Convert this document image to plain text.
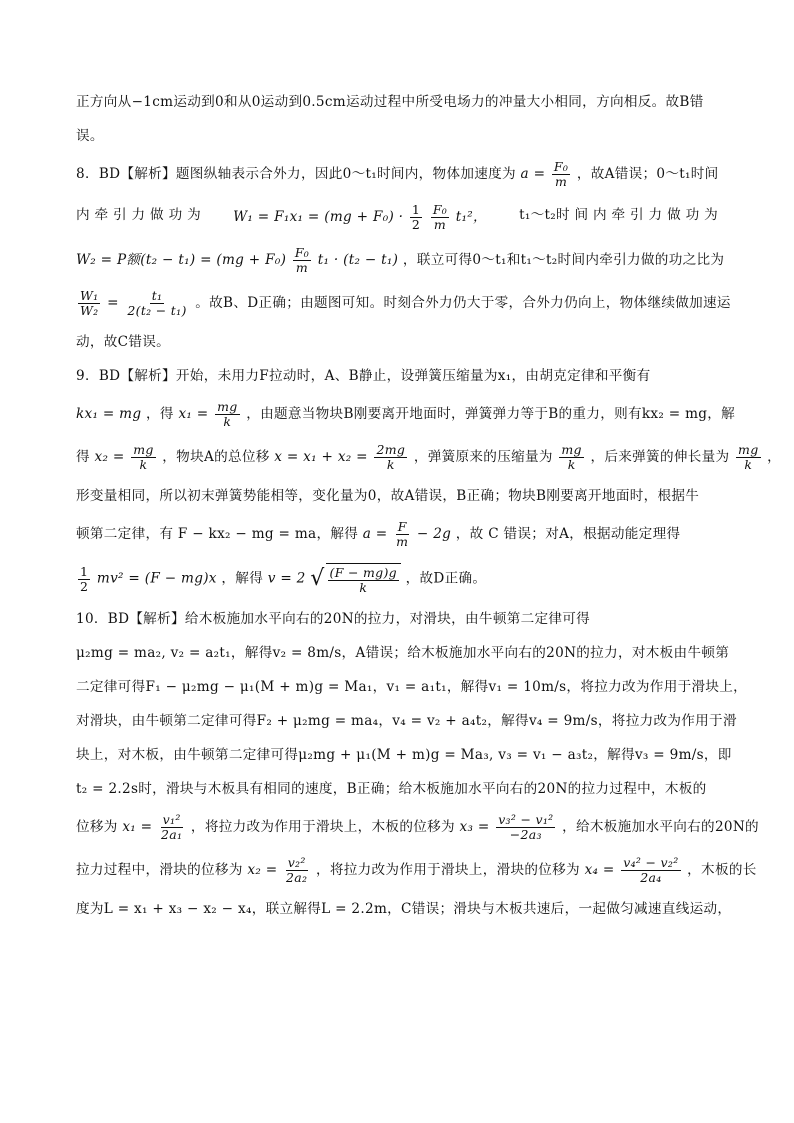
正方向从−1cm运动到0和从0运动到0.5cm运动过程中所受电场力的冲量大小相同，方向相反。故B错
误。
8．BD【解析】题图纵轴表示合外力，因此0～t₁时间内，物体加速度为 $a = \frac{\text{F₀}}{m}$ ，故A错误；0～t₁时间
内 牵 引 力 做 功 为 $W_1 = F_1x_1 = (mg + F_0) \cdot \frac{1}{2}$
$\frac{\text{F₀}}{m} t_1^2$， t₁～t₂时 间 内 牵 引 力 做 功 为
W₂ = P额$(t_2 - t_1) = (mg + F_0) \frac{\text{F₀}}{m} t_1 \cdot (t_2 - t_1)$ ，联立可得0～t₁和t₁～t₂时间内牵引力做的功之比为
$\frac{\text{W₁}}{\text{W₂}} = \frac{\text{t₁}}{\text{2(t₂ − t₁)}}$ 。故B、D正确；由题图可知。时刻合外力仍大于零，合外力仍向上，物体继续做加速运
动，故C错误。
9．BD【解析】开始，未用力F拉动时，A、B静止，设弹簧压缩量为x₁，由胡克定律和平衡有
kx₁ = mg ，得 $x_1 = \frac{mg}{k}$ ，由题意当物块B刚要离开地面时，弹簧弹力等于B的重力，则有kx₂ = mg，解
得 $x_2 = \frac{mg}{k}$ ，物块A的总位移 $x = x_1 + x_2 = \frac{2mg}{k}$ ，弹簧原来的压缩量为 $\frac{mg}{k}$ ，后来弹簧的伸长量为 $\frac{mg}{k}$ ，
形变量相同，所以初末弹簧势能相等，变化量为0，故A错误，B正确；物块B刚要离开地面时，根据牛
顿第二定律，有 F − kx₂ − mg = ma，解得 $a = \frac{F}{m} - 2g$ ，故 C 错误；对A，根据动能定理得
$\frac{1}{2} mv^2 = (F - mg)x$ ，解得 v = 2 √ $\frac{(F - mg)g}{k}$ ，故D正确。
10．BD【解析】给木板施加水平向右的20N的拉力，对滑块，由牛顿第二定律可得
μ₂mg = ma₂, v₂ = a₂t₁，解得v₂ = 8m/s，A错误；给木板施加水平向右的20N的拉力，对木板由牛顿第
二定律可得F₁ − μ₂mg − μ₁(M + m)g = Ma₁，v₁ = a₁t₁，解得v₁ = 10m/s，将拉力改为作用于滑块上，
对滑块，由牛顿第二定律可得F₂ + μ₂mg = ma₄，v₄ = v₂ + a₄t₂，解得v₄ = 9m/s，将拉力改为作用于滑
块上，对木板，由牛顿第二定律可得μ₂mg + μ₁(M + m)g = Ma₃, v₃ = v₁ − a₃t₂，解得v₃ = 9m/s，即
t₂ = 2.2s时，滑块与木板具有相同的速度，B正确；给木板施加水平向右的20N的拉力过程中，木板的
位移为 $x_1 = \frac{\text{v₁²}}{\text{2a₁}}$ ，将拉力改为作用于滑块上，木板的位移为 $x_3 = \frac{\text{v₃² − v₁²}}{\text{−2a₃}}$ ，给木板施加水平向右的20N的
拉力过程中，滑块的位移为 $x_2 = \frac{\text{v₂²}}{\text{2a₂}}$ ，将拉力改为作用于滑块上，滑块的位移为 $x_4 = \frac{\text{v₄² − v₂²}}{\text{2a₄}}$ ，木板的长
度为L = x₁ + x₃ − x₂ − x₄，联立解得L = 2.2m，C错误；滑块与木板共速后，一起做匀减速直线运动，
